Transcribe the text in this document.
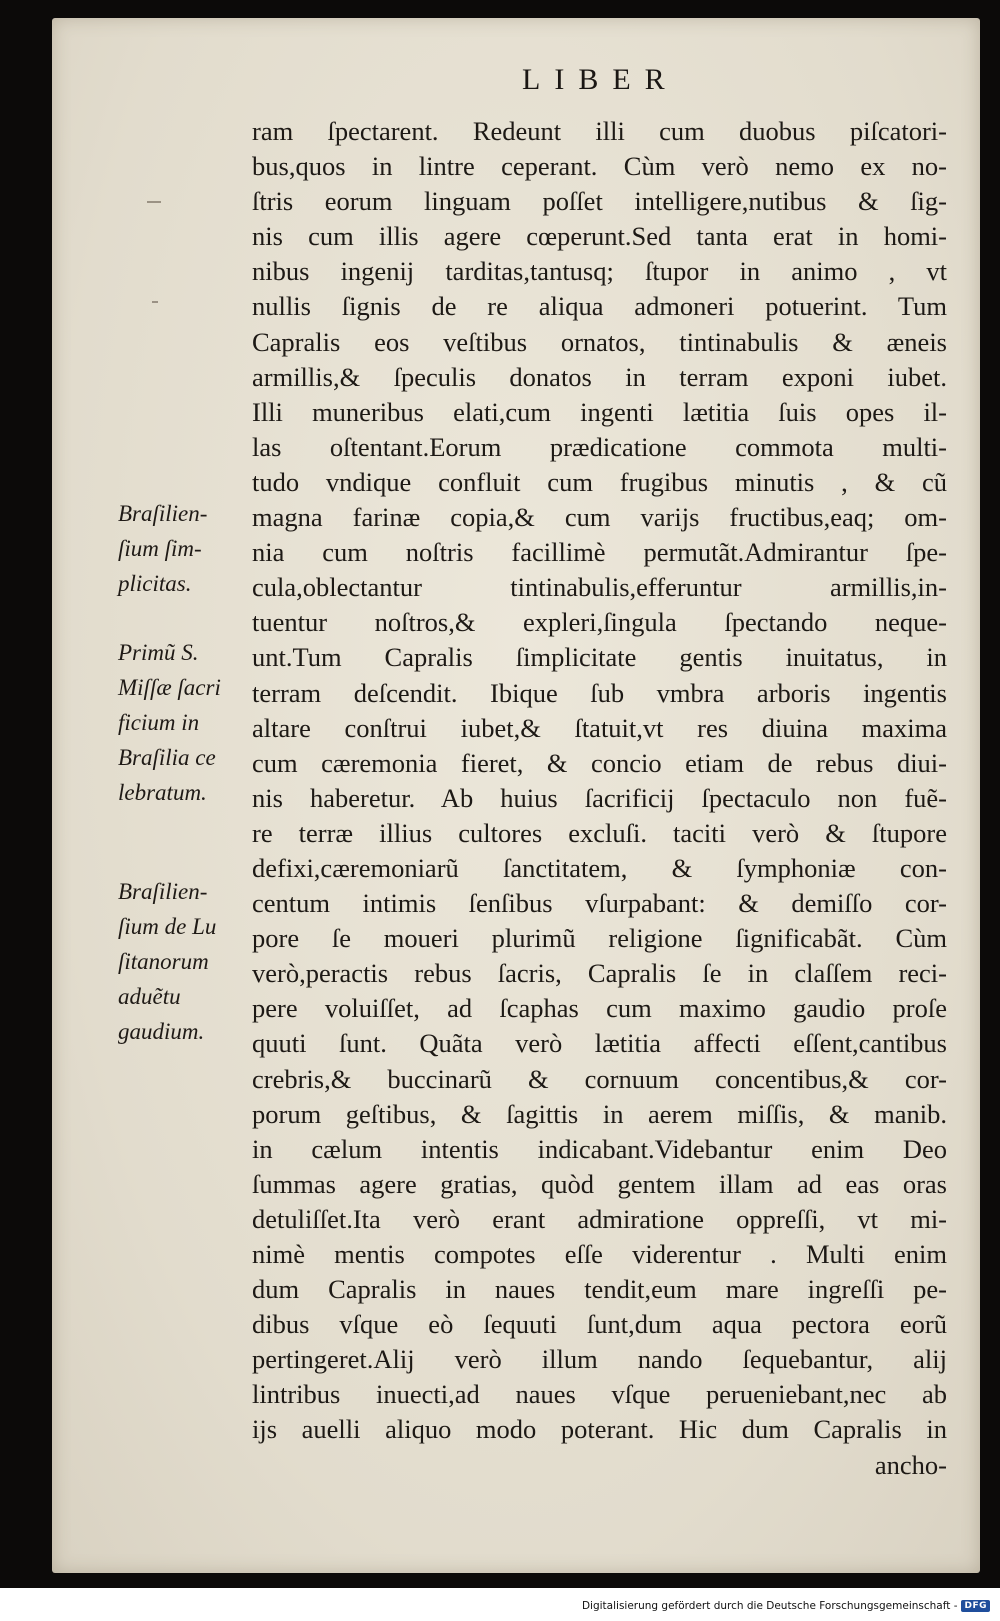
LIBER
ram ſpectarent. Redeunt illi cum duobus piſcatori-
bus,quos in lintre ceperant. Cùm verò nemo ex no-
ſtris eorum linguam poſſet intelligere,nutibus & ſig-
nis cum illis agere cœperunt.Sed tanta erat in homi-
nibus ingenij tarditas,tantusq; ſtupor in animo , vt
nullis ſignis de re aliqua admoneri potuerint. Tum
Capralis eos veſtibus ornatos, tintinabulis & æneis
armillis,& ſpeculis donatos in terram exponi iubet.
Illi muneribus elati,cum ingenti lætitia ſuis opes il-
las oſtentant.Eorum prædicatione commota multi-
tudo vndique confluit cum frugibus minutis , & cũ
magna farinæ copia,& cum varijs fructibus,eaq; om-
nia cum noſtris facillimè permutãt.Admirantur ſpe-
cula,oblectantur tintinabulis,efferuntur armillis,in-
tuentur noſtros,& expleri,ſingula ſpectando neque-
unt.Tum Capralis ſimplicitate gentis inuitatus, in
terram deſcendit. Ibique ſub vmbra arboris ingentis
altare conſtrui iubet,& ſtatuit,vt res diuina maxima
cum cæremonia fieret, & concio etiam de rebus diui-
nis haberetur. Ab huius ſacrificij ſpectaculo non fuẽ-
re terræ illius cultores excluſi. taciti verò & ſtupore
defixi,cæremoniarũ ſanctitatem, & ſymphoniæ con-
centum intimis ſenſibus vſurpabant: & demiſſo cor-
pore ſe moueri plurimũ religione ſignificabãt. Cùm
verò,peractis rebus ſacris, Capralis ſe in claſſem reci-
pere voluiſſet, ad ſcaphas cum maximo gaudio proſe
quuti ſunt. Quãta verò lætitia affecti eſſent,cantibus
crebris,& buccinarũ & cornuum concentibus,& cor-
porum geſtibus, & ſagittis in aerem miſſis, & manib.
in cælum intentis indicabant.Videbantur enim Deo
ſummas agere gratias, quòd gentem illam ad eas oras
detuliſſet.Ita verò erant admiratione oppreſſi, vt mi-
nimè mentis compotes eſſe viderentur . Multi enim
dum Capralis in naues tendit,eum mare ingreſſi pe-
dibus vſque eò ſequuti ſunt,dum aqua pectora eorũ
pertingeret.Alij verò illum nando ſequebantur, alij
lintribus inuecti,ad naues vſque perueniebant,nec ab
ijs auelli aliquo modo poterant. Hic dum Capralis in
ancho-
Braſilien-
ſium ſim-
plicitas.
Primũ S.
Miſſæ ſacri
ficium in
Braſilia ce
lebratum.
Braſilien-
ſium de Lu
ſitanorum
aduẽtu
gaudium.
Digitalisierung gefördert durch die Deutsche Forschungsgemeinschaft - DFG
